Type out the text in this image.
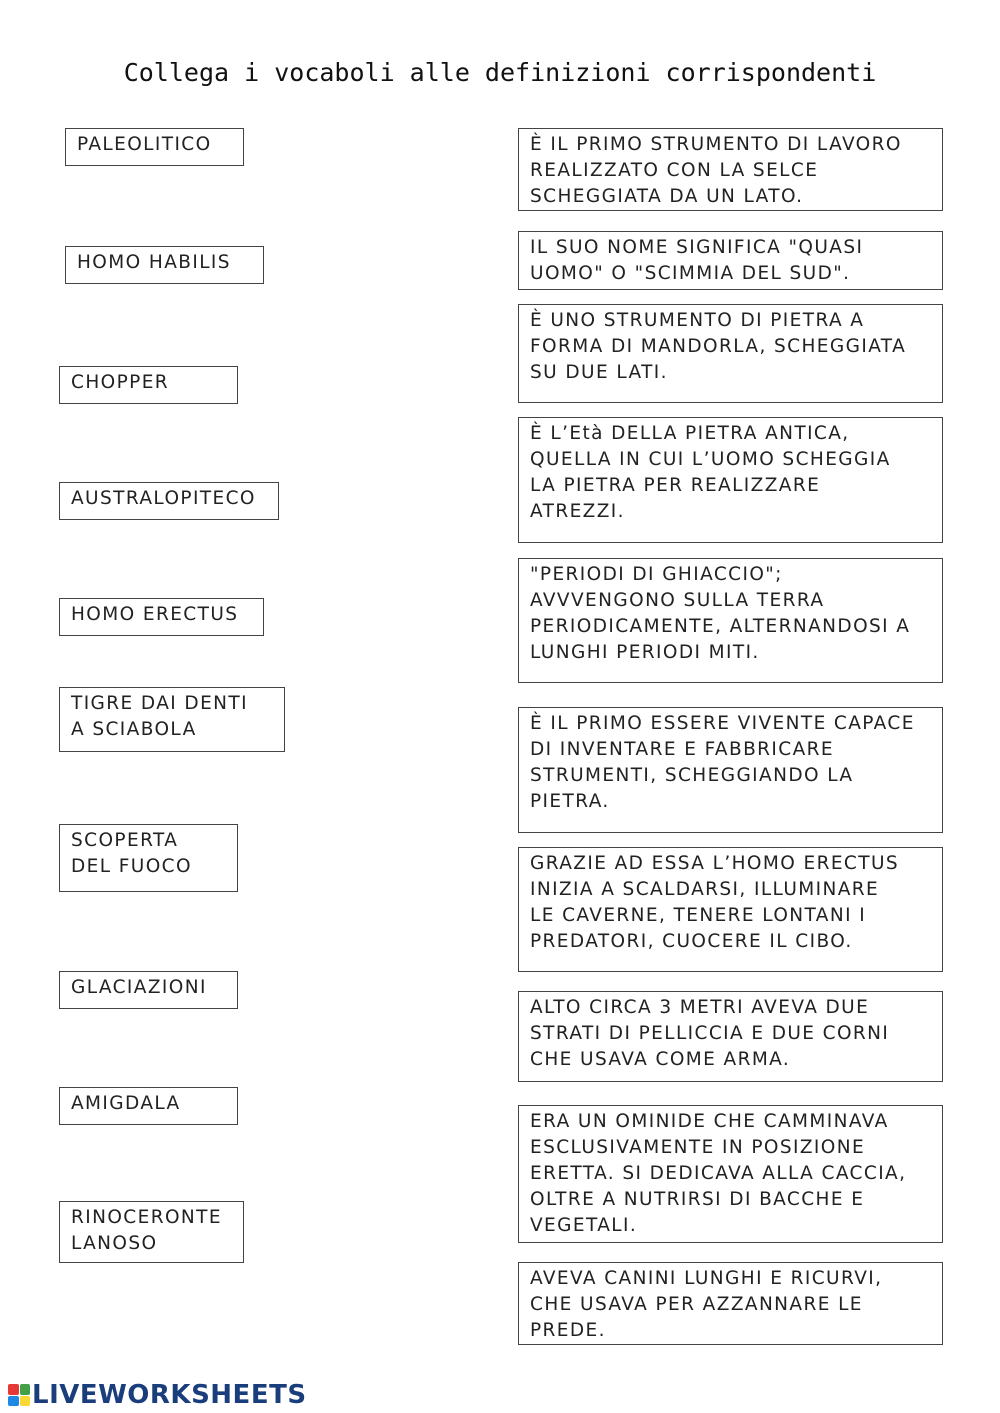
Collega i vocaboli alle definizioni corrispondenti
PALEOLITICO
HOMO HABILIS
CHOPPER
AUSTRALOPITECO
HOMO ERECTUS
TIGRE DAI DENTI
A SCIABOLA
SCOPERTA
DEL FUOCO
GLACIAZIONI
AMIGDALA
RINOCERONTE
LANOSO
È IL PRIMO STRUMENTO DI LAVORO
REALIZZATO CON LA SELCE
SCHEGGIATA DA UN LATO.
IL SUO NOME SIGNIFICA "QUASI
UOMO" O "SCIMMIA DEL SUD".
È UNO STRUMENTO DI PIETRA A
FORMA DI MANDORLA, SCHEGGIATA
SU DUE LATI.
È L’Età DELLA PIETRA ANTICA,
QUELLA IN CUI L’UOMO SCHEGGIA
LA PIETRA PER REALIZZARE
ATREZZI.
"PERIODI DI GHIACCIO";
AVVVENGONO SULLA TERRA
PERIODICAMENTE, ALTERNANDOSI A
LUNGHI PERIODI MITI.
È IL PRIMO ESSERE VIVENTE CAPACE
DI INVENTARE E FABBRICARE
STRUMENTI, SCHEGGIANDO LA
PIETRA.
GRAZIE AD ESSA L’HOMO ERECTUS
INIZIA A SCALDARSI, ILLUMINARE
LE CAVERNE, TENERE LONTANI I
PREDATORI, CUOCERE IL CIBO.
ALTO CIRCA 3 METRI AVEVA DUE
STRATI DI PELLICCIA E DUE CORNI
CHE USAVA COME ARMA.
ERA UN OMINIDE CHE CAMMINAVA
ESCLUSIVAMENTE IN POSIZIONE
ERETTA. SI DEDICAVA ALLA CACCIA,
OLTRE A NUTRIRSI DI BACCHE E
VEGETALI.
AVEVA CANINI LUNGHI E RICURVI,
CHE USAVA PER AZZANNARE LE
PREDE.
LIVEWORKSHEETS
